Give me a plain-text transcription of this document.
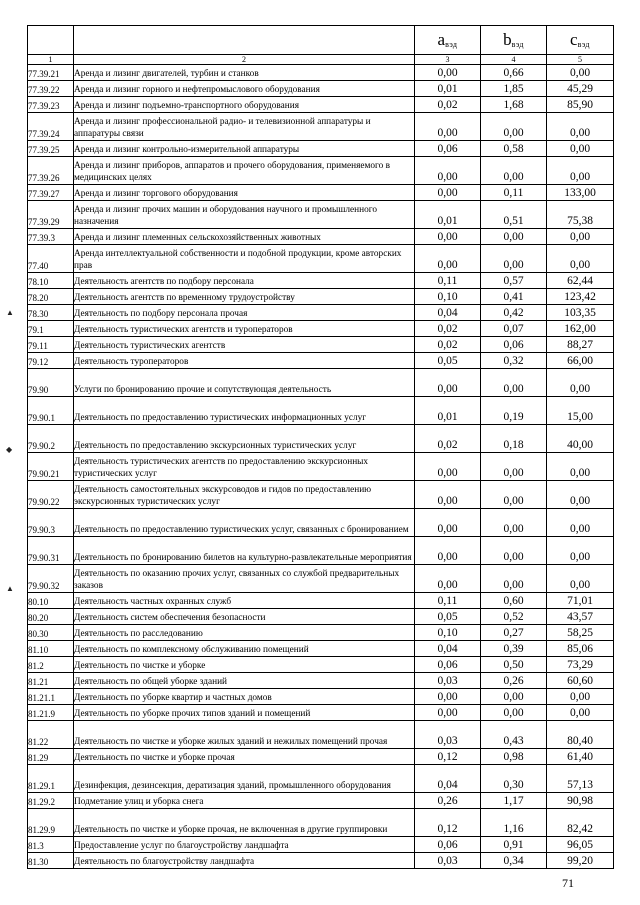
		$a_{вэд}$	$b_{вэд}$	$c_{вэд}$
1	2	3	4	5
77.39.21	Аренда и лизинг двигателей, турбин и станков	0,00	0,66	0,00
77.39.22	Аренда и лизинг горного и нефтепромыслового оборудования	0,01	1,85	45,29
77.39.23	Аренда и лизинг подъемно-транспортного оборудования	0,02	1,68	85,90
77.39.24	Аренда и лизинг профессиональной радио- и телевизионной аппаратуры и аппаратуры связи	0,00	0,00	0,00
77.39.25	Аренда и лизинг контрольно-измерительной аппаратуры	0,06	0,58	0,00
77.39.26	Аренда и лизинг приборов, аппаратов и прочего оборудования, применяемого в медицинских целях	0,00	0,00	0,00
77.39.27	Аренда и лизинг торгового оборудования	0,00	0,11	133,00
77.39.29	Аренда и лизинг прочих машин и оборудования научного и промышленного назначения	0,01	0,51	75,38
77.39.3	Аренда и лизинг племенных сельскохозяйственных животных	0,00	0,00	0,00
77.40	Аренда интеллектуальной собственности и подобной продукции, кроме авторских прав	0,00	0,00	0,00
78.10	Деятельность агентств по подбору персонала	0,11	0,57	62,44
78.20	Деятельность агентств по временному трудоустройству	0,10	0,41	123,42
78.30	Деятельность по подбору персонала прочая	0,04	0,42	103,35
79.1	Деятельность туристических агентств и туроператоров	0,02	0,07	162,00
79.11	Деятельность туристических агентств	0,02	0,06	88,27
79.12	Деятельность туроператоров	0,05	0,32	66,00
79.90	Услуги по бронированию прочие и сопутствующая деятельность	0,00	0,00	0,00
79.90.1	Деятельность по предоставлению туристических информационных услуг	0,01	0,19	15,00
79.90.2	Деятельность по предоставлению экскурсионных туристических услуг	0,02	0,18	40,00
79.90.21	Деятельность туристических агентств по предоставлению экскурсионных туристических услуг	0,00	0,00	0,00
79.90.22	Деятельность самостоятельных экскурсоводов и гидов по предоставлению экскурсионных туристических услуг	0,00	0,00	0,00
79.90.3	Деятельность по предоставлению туристических услуг, связанных с бронированием	0,00	0,00	0,00
79.90.31	Деятельность по бронированию билетов на культурно-развлекательные мероприятия	0,00	0,00	0,00
79.90.32	Деятельность по оказанию прочих услуг, связанных со службой предварительных заказов	0,00	0,00	0,00
80.10	Деятельность частных охранных служб	0,11	0,60	71,01
80.20	Деятельность систем обеспечения безопасности	0,05	0,52	43,57
80.30	Деятельность по расследованию	0,10	0,27	58,25
81.10	Деятельность по комплексному обслуживанию помещений	0,04	0,39	85,06
81.2	Деятельность по чистке и уборке	0,06	0,50	73,29
81.21	Деятельность по общей уборке зданий	0,03	0,26	60,60
81.21.1	Деятельность по уборке квартир и частных домов	0,00	0,00	0,00
81.21.9	Деятельность по уборке прочих типов зданий и помещений	0,00	0,00	0,00
81.22	Деятельность по чистке и уборке жилых зданий и нежилых помещений прочая	0,03	0,43	80,40
81.29	Деятельность по чистке и уборке прочая	0,12	0,98	61,40
81.29.1	Дезинфекция, дезинсекция, дератизация зданий, промышленного оборудования	0,04	0,30	57,13
81.29.2	Подметание улиц и уборка снега	0,26	1,17	90,98
81.29.9	Деятельность по чистке и уборке прочая, не включенная в другие группировки	0,12	1,16	82,42
81.3	Предоставление услуг по благоустройству ландшафта	0,06	0,91	96,05
81.30	Деятельность по благоустройству ландшафта	0,03	0,34	99,20
▲
◆
▲
71
